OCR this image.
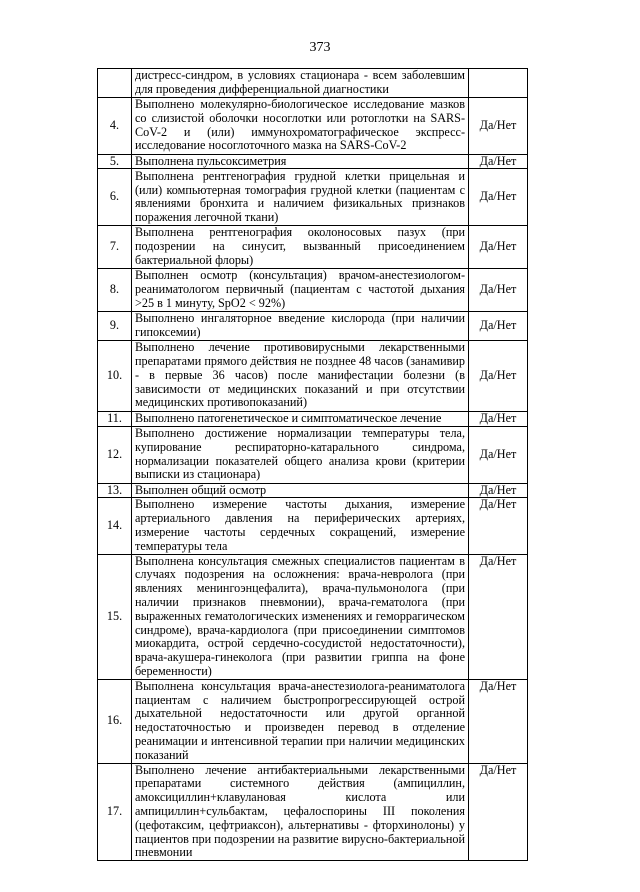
373
	дистресс-синдром, в условиях стационара - всем заболевшим для проведения дифференциальной диагностики	
4.	Выполнено молекулярно-биологическое исследование мазков со слизистой оболочки носоглотки или ротоглотки на SARS-CoV-2 и (или) иммунохроматографическое экспресс-исследование носоглоточного мазка на SARS-CoV-2	Да/Нет
5.	Выполнена пульсоксиметрия	Да/Нет
6.	Выполнена рентгенография грудной клетки прицельная и (или) компьютерная томография грудной клетки (пациентам с явлениями бронхита и наличием физикальных признаков поражения легочной ткани)	Да/Нет
7.	Выполнена рентгенография околоносовых пазух (при подозрении на синусит, вызванный присоединением бактериальной флоры)	Да/Нет
8.	Выполнен осмотр (консультация) врачом-анестезиологом-реаниматологом первичный (пациентам с частотой дыхания >25 в 1 минуту, SpO2 < 92%)	Да/Нет
9.	Выполнено ингаляторное введение кислорода (при наличии гипоксемии)	Да/Нет
10.	Выполнено лечение противовирусными лекарственными препаратами прямого действия не позднее 48 часов (занамивир - в первые 36 часов) после манифестации болезни (в зависимости от медицинских показаний и при отсутствии медицинских противопоказаний)	Да/Нет
11.	Выполнено патогенетическое и симптоматическое лечение	Да/Нет
12.	Выполнено достижение нормализации температуры тела, купирование респираторно-катарального синдрома, нормализации показателей общего анализа крови (критерии выписки из стационара)	Да/Нет
13.	Выполнен общий осмотр	Да/Нет
14.	Выполнено измерение частоты дыхания, измерение артериального давления на периферических артериях, измерение частоты сердечных сокращений, измерение температуры тела	Да/Нет
15.	Выполнена консультация смежных специалистов пациентам в случаях подозрения на осложнения: врача-невролога (при явлениях менингоэнцефалита), врача-пульмонолога (при наличии признаков пневмонии), врача-гематолога (при выраженных гематологических изменениях и геморрагическом синдроме), врача-кардиолога (при присоединении симптомов миокардита, острой сердечно-сосудистой недостаточности), врача-акушера-гинеколога (при развитии гриппа на фоне беременности)	Да/Нет
16.	Выполнена консультация врача-анестезиолога-реаниматолога пациентам с наличием быстропрогрессирующей острой дыхательной недостаточности или другой органной недостаточностью и произведен перевод в отделение реанимации и интенсивной терапии при наличии медицинских показаний	Да/Нет
17.	Выполнено лечение антибактериальными лекарственными препаратами системного действия (ампициллин, амоксициллин+клавулановая кислота или ампициллин+сульбактам, цефалоспорины III поколения (цефотаксим, цефтриаксон), альтернативы - фторхинолоны) у пациентов при подозрении на развитие вирусно-бактериальной пневмонии	Да/Нет
